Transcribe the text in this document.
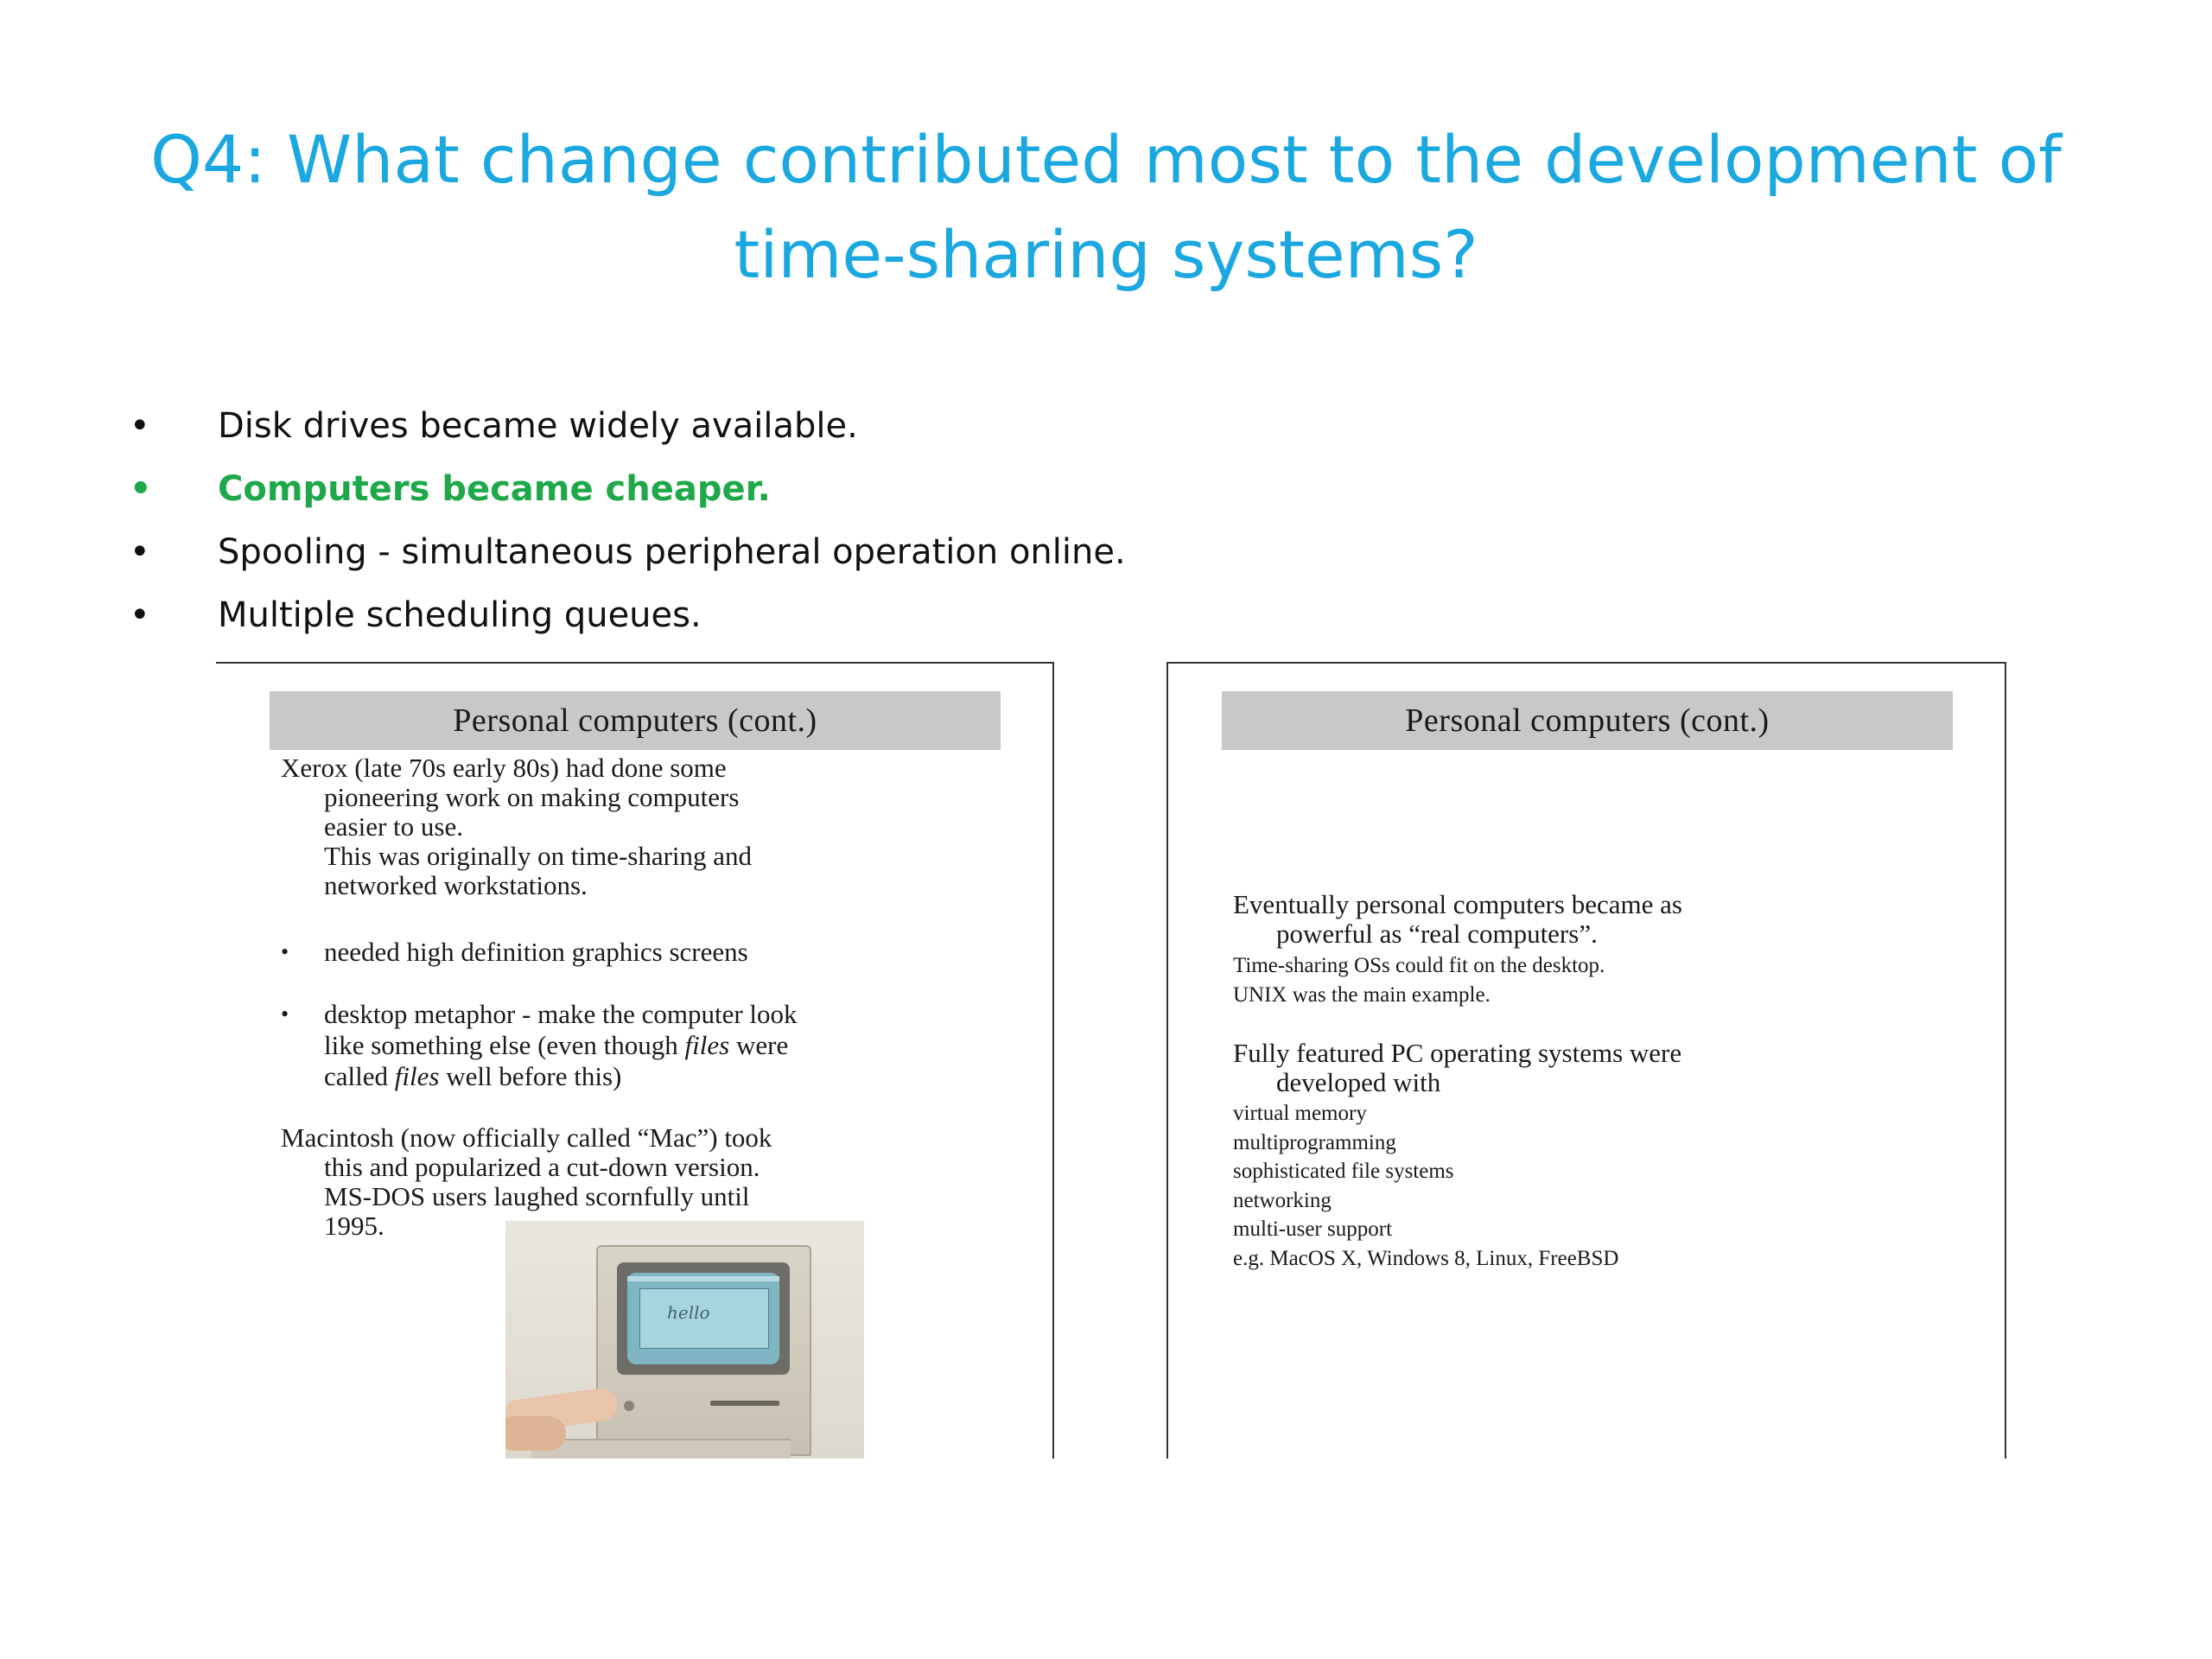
Q4: What change contributed most to the development of
time-sharing systems?
• Disk drives became widely available.
• Computers became cheaper.
• Spooling - simultaneous peripheral operation online.
• Multiple scheduling queues.
Personal computers (cont.)
Xerox (late 70s early 80s) had done some
pioneering work on making computers
easier to use.
This was originally on time-sharing and
networked workstations.
• needed high definition graphics screens
• desktop metaphor - make the computer look
like something else (even though files were
called files well before this)
Macintosh (now officially called “Mac”) took
this and popularized a cut-down version.
MS-DOS users laughed scornfully until
1995.
hello
Personal computers (cont.)
Eventually personal computers became as
powerful as “real computers”.
Time-sharing OSs could fit on the desktop.
UNIX was the main example.
Fully featured PC operating systems were
developed with
virtual memory
multiprogramming
sophisticated file systems
networking
multi-user support
e.g. MacOS X, Windows 8, Linux, FreeBSD
